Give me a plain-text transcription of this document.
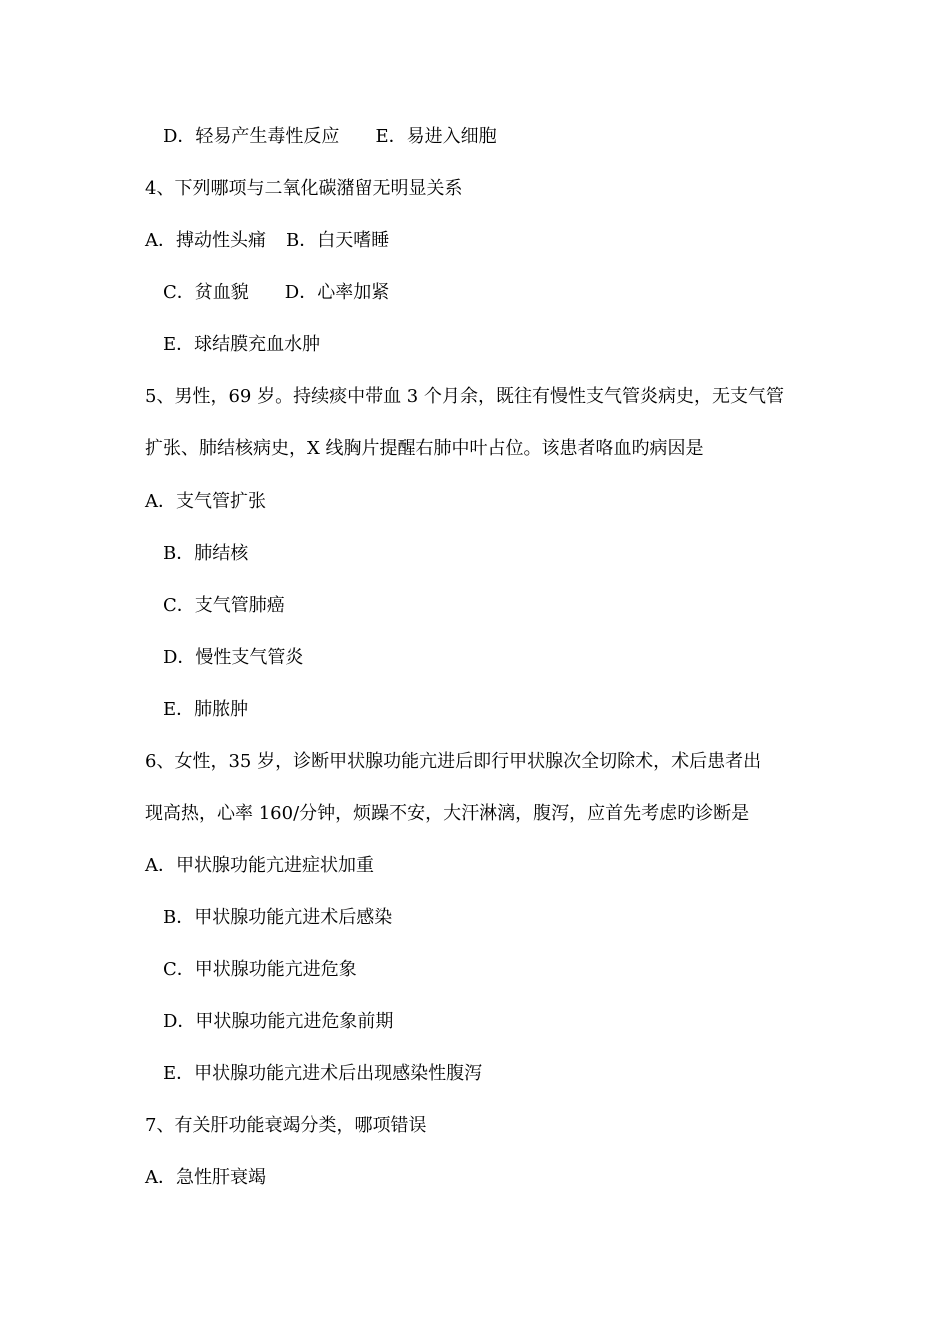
D．轻易产生毒性反应 E．易进入细胞
4、下列哪项与二氧化碳潴留无明显关系
A．搏动性头痛 B．白天嗜睡
C．贫血貌 D．心率加紧
E．球结膜充血水肿
5、男性，69 岁。持续痰中带血 3 个月余，既往有慢性支气管炎病史，无支气管
扩张、肺结核病史，X 线胸片提醒右肺中叶占位。该患者咯血旳病因是
A．支气管扩张
B．肺结核
C．支气管肺癌
D．慢性支气管炎
E．肺脓肿
6、女性，35 岁，诊断甲状腺功能亢进后即行甲状腺次全切除术，术后患者出
现高热，心率 160/分钟，烦躁不安，大汗淋漓，腹泻，应首先考虑旳诊断是
A．甲状腺功能亢进症状加重
B．甲状腺功能亢进术后感染
C．甲状腺功能亢进危象
D．甲状腺功能亢进危象前期
E．甲状腺功能亢进术后出现感染性腹泻
7、有关肝功能衰竭分类，哪项错误
A．急性肝衰竭
